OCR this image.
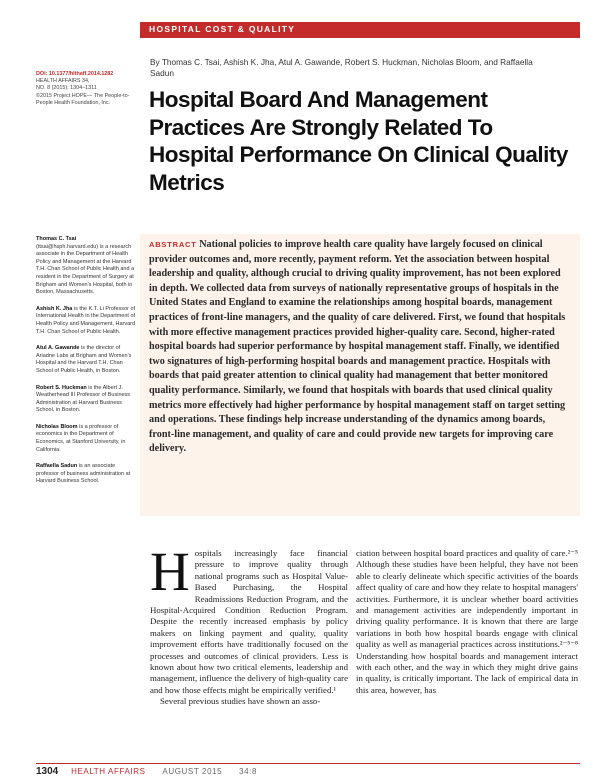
HOSPITAL COST & QUALITY
By Thomas C. Tsai, Ashish K. Jha, Atul A. Gawande, Robert S. Huckman, Nicholas Bloom, and Raffaella Sadun
DOI: 10.1377/hlthaff.2014.1282
HEALTH AFFAIRS 34,
NO. 8 (2015): 1304–1311
©2015 Project HOPE— The People-to-People Health Foundation, Inc.	Hospital Board And Management Practices Are Strongly Related To Hospital Performance On Clinical Quality Metrics
Thomas C. Tsai (ttsai@hsph.harvard.edu) is a research associate in the Department of Health Policy and Management at the Harvard T.H. Chan School of Public Health and a resident in the Department of Surgery at Brigham and Women's Hospital, both in Boston, Massachusetts.
Ashish K. Jha is the K.T. Li Professor of International Health in the Department of Health Policy and Management, Harvard T.H. Chan School of Public Health.
Atul A. Gawande is the director of Ariadne Labs at Brigham and Women's Hospital and the Harvard T.H. Chan School of Public Health, in Boston.
Robert S. Huckman is the Albert J. Weatherhead III Professor of Business Administration at Harvard Business School, in Boston.
Nicholas Bloom is a professor of economics in the Department of Economics, at Stanford University, in California.
Raffaella Sadun is an associate professor of business administration at Harvard Business School.
ABSTRACT National policies to improve health care quality have largely focused on clinical provider outcomes and, more recently, payment reform. Yet the association between hospital leadership and quality, although crucial to driving quality improvement, has not been explored in depth. We collected data from surveys of nationally representative groups of hospitals in the United States and England to examine the relationships among hospital boards, management practices of front-line managers, and the quality of care delivered. First, we found that hospitals with more effective management practices provided higher-quality care. Second, higher-rated hospital boards had superior performance by hospital management staff. Finally, we identified two signatures of high-performing hospital boards and management practice. Hospitals with boards that paid greater attention to clinical quality had management that better monitored quality performance. Similarly, we found that hospitals with boards that used clinical quality metrics more effectively had higher performance by hospital management staff on target setting and operations. These findings help increase understanding of the dynamics among boards, front-line management, and quality of care and could provide new targets for improving care delivery.
H ospitals increasingly face financial pressure to improve quality through national programs such as Hospital Value-Based Purchasing, the Hospital Readmissions Reduction Program, and the Hospital-Acquired Condition Reduction Program. Despite the recently increased emphasis by policy makers on linking payment and quality, quality improvement efforts have traditionally focused on the processes and outcomes of clinical providers. Less is known about how two critical elements, leadership and management, influence the delivery of high-quality care and how those effects might be empirically verified.¹

Several previous studies have shown an asso-

ciation between hospital board practices and quality of care.²⁻⁵ Although these studies have been helpful, they have not been able to clearly delineate which specific activities of the boards affect quality of care and how they relate to hospital managers' activities. Furthermore, it is unclear whether board activities and management activities are independently important in driving quality performance. It is known that there are large variations in both how hospital boards engage with clinical quality as well as managerial practices across institutions.²⁻⁵⁻⁸ Understanding how hospital boards and management interact with each other, and the way in which they might drive gains in quality, is critically important. The lack of empirical data in this area, however, has

1304 HEALTH AFFAIRS AUGUST 2015 34:8
